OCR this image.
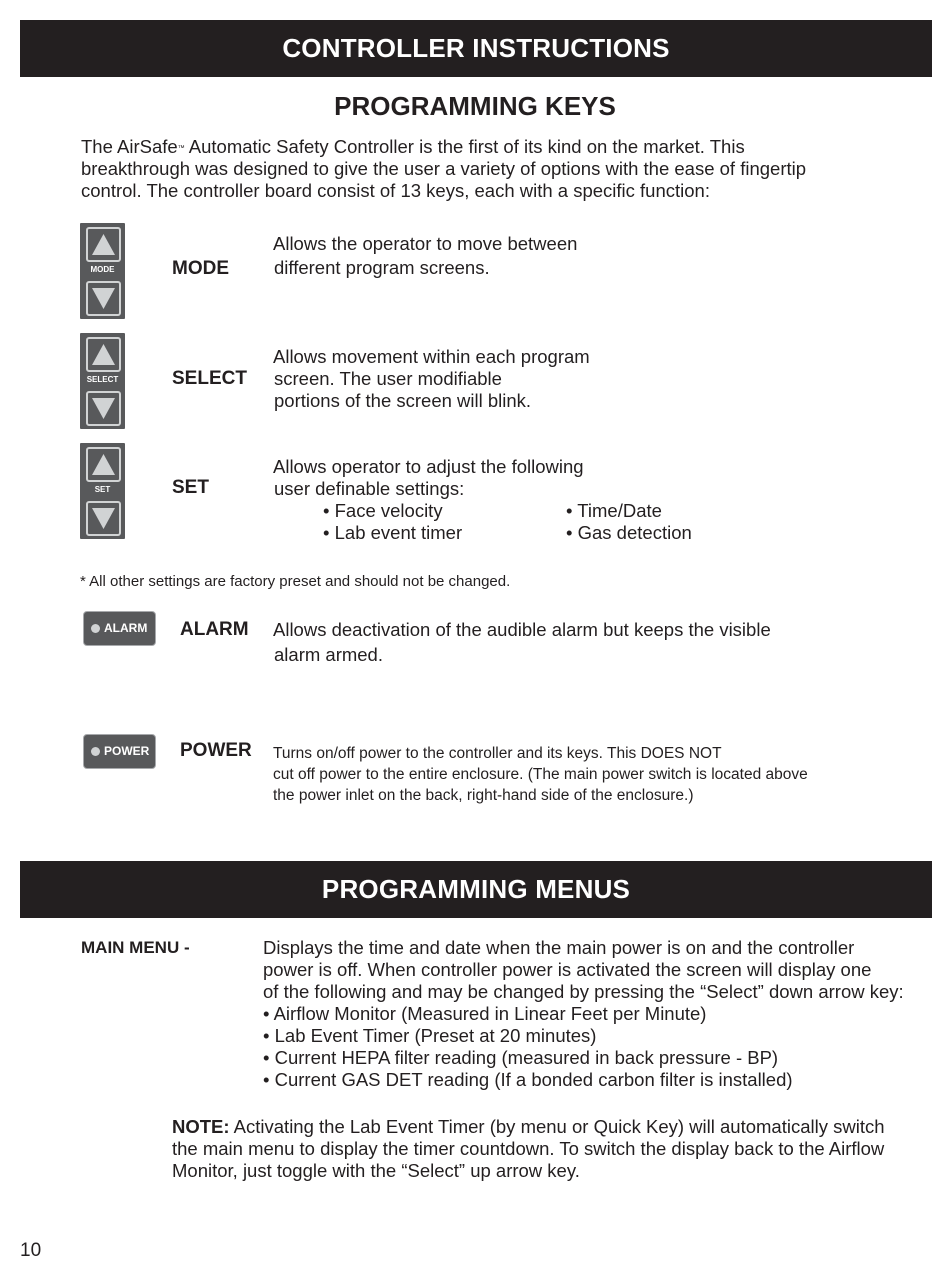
CONTROLLER INSTRUCTIONS
PROGRAMMING KEYS

The AirSafe™ Automatic Safety Controller is the first of its kind on the market. This

breakthrough was designed to give the user a variety of options with the ease of fingertip

control. The controller board consist of 13 keys, each with a specific function:

MODE	MODE
Allows the operator to move between
different program screens.
SELECT	SELECT
Allows movement within each program
screen. The user modifiable
portions of the screen will blink.
SET	SET
Allows operator to adjust the following
user definable settings:
• Face velocity
• Lab event timer
• Time/Date
• Gas detection
* All other settings are factory preset and should not be changed.
ALARM ALARM Allows deactivation of the audible alarm but keeps the visible
alarm armed.
POWER POWER Turns on/off power to the controller and its keys. This DOES NOT
cut off power to the entire enclosure. (The main power switch is located above
the power inlet on the back, right-hand side of the enclosure.)
PROGRAMMING MENUS
MAIN MENU -	Displays the time and date when the main power is on and the controller
power is off. When controller power is activated the screen will display one
of the following and may be changed by pressing the “Select” down arrow key:
• Airflow Monitor (Measured in Linear Feet per Minute)
• Lab Event Timer (Preset at 20 minutes)
• Current HEPA filter reading (measured in back pressure - BP)
• Current GAS DET reading (If a bonded carbon filter is installed)
NOTE: Activating the Lab Event Timer (by menu or Quick Key) will automatically switch
the main menu to display the timer countdown. To switch the display back to the Airflow
Monitor, just toggle with the “Select” up arrow key.
10
